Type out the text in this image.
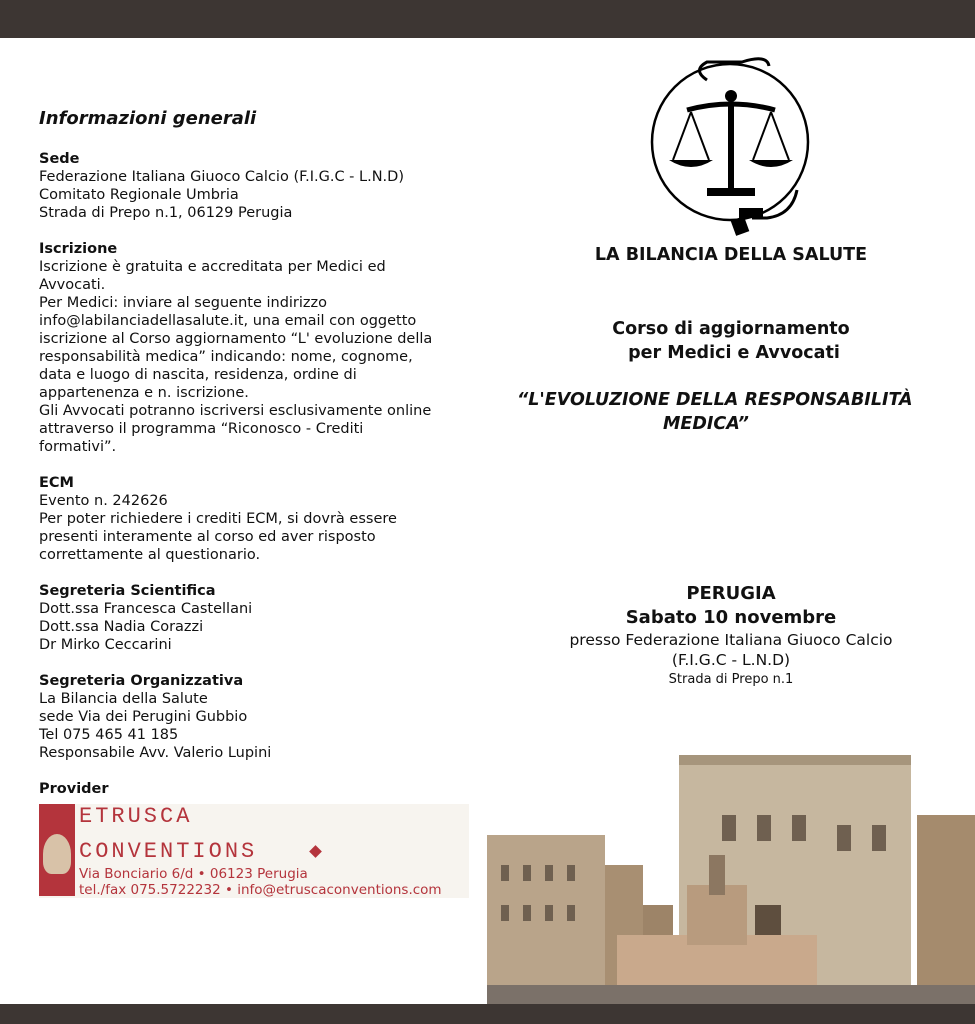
Informazioni generali
Sede
Federazione Italiana Giuoco Calcio (F.I.G.C - L.N.D)
Comitato Regionale Umbria
Strada di Prepo n.1, 06129 Perugia
Iscrizione
Iscrizione è gratuita e accreditata per Medici ed
Avvocati.
Per Medici: inviare al seguente indirizzo
info@labilanciadellasalute.it, una email con oggetto
iscrizione al Corso aggiornamento “L' evoluzione della
responsabilità medica” indicando: nome, cognome,
data e luogo di nascita, residenza, ordine di
appartenenza e n. iscrizione.
Gli Avvocati potranno iscriversi esclusivamente online
attraverso il programma “Riconosco - Crediti
formativi”.
ECM
Evento n. 242626
Per poter richiedere i crediti ECM, si dovrà essere
presenti interamente al corso ed aver risposto
correttamente al questionario.
Segreteria Scientifica
Dott.ssa Francesca Castellani
Dott.ssa Nadia Corazzi
Dr Mirko Ceccarini
Segreteria Organizzativa
La Bilancia della Salute
sede Via dei Perugini Gubbio
Tel 075 465 41 185
Responsabile Avv. Valerio Lupini
Provider
ETRUSCA
CONVENTIONS
Via Bonciario 6/d • 06123 Perugia
tel./fax 075.5722232 • info@etruscaconventions.com
LA BILANCIA DELLA SALUTE
Corso di aggiornamento
per Medici e Avvocati
“L'EVOLUZIONE DELLA RESPONSABILITÀ
MEDICA”
PERUGIA
Sabato 10 novembre
presso Federazione Italiana Giuoco Calcio
(F.I.G.C - L.N.D)
Strada di Prepo n.1
